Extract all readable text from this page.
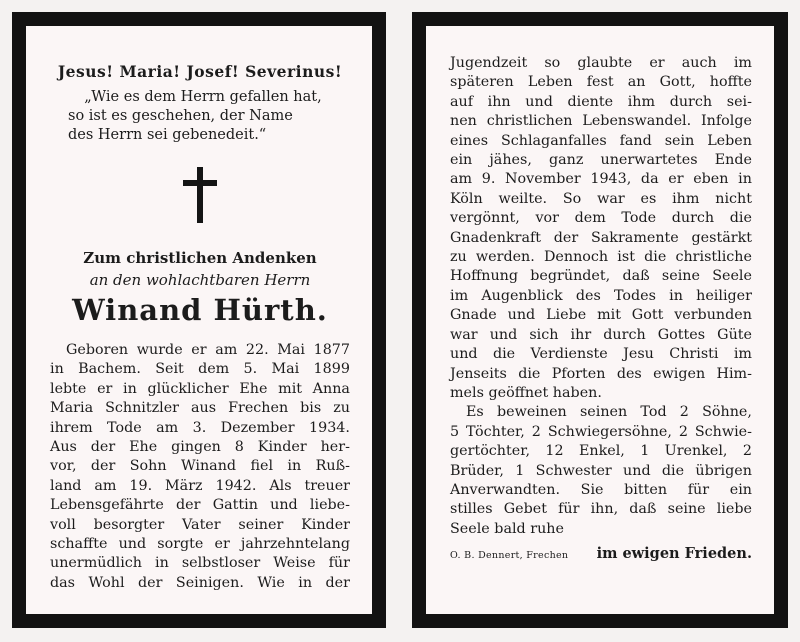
Jesus! Maria! Josef! Severinus!
„Wie es dem Herrn gefallen hat,
so ist es geschehen, der Name
des Herrn sei gebenedeit.“
Zum christlichen Andenken
an den wohlachtbaren Herrn
Winand Hürth.
Geboren wurde er am 22. Mai 1877
in Bachem. Seit dem 5. Mai 1899
lebte er in glücklicher Ehe mit Anna
Maria Schnitzler aus Frechen bis zu
ihrem Tode am 3. Dezember 1934.
Aus der Ehe gingen 8 Kinder her-
vor, der Sohn Winand fiel in Ruß-
land am 19. März 1942. Als treuer
Lebensgefährte der Gattin und liebe-
voll besorgter Vater seiner Kinder
schaffte und sorgte er jahrzehntelang
unermüdlich in selbstloser Weise für
das Wohl der Seinigen. Wie in der
Jugendzeit so glaubte er auch im
späteren Leben fest an Gott, hoffte
auf ihn und diente ihm durch sei-
nen christlichen Lebenswandel. Infolge
eines Schlaganfalles fand sein Leben
ein jähes, ganz unerwartetes Ende
am 9. November 1943, da er eben in
Köln weilte. So war es ihm nicht
vergönnt, vor dem Tode durch die
Gnadenkraft der Sakramente gestärkt
zu werden. Dennoch ist die christliche
Hoffnung begründet, daß seine Seele
im Augenblick des Todes in heiliger
Gnade und Liebe mit Gott verbunden
war und sich ihr durch Gottes Güte
und die Verdienste Jesu Christi im
Jenseits die Pforten des ewigen Him-
mels geöffnet haben.
Es beweinen seinen Tod 2 Söhne,
5 Töchter, 2 Schwiegersöhne, 2 Schwie-
gertöchter, 12 Enkel, 1 Urenkel, 2
Brüder, 1 Schwester und die übrigen
Anverwandten. Sie bitten für ein
stilles Gebet für ihn, daß seine liebe
Seele bald ruhe
O. B. Dennert, Frechen im ewigen Frieden.
